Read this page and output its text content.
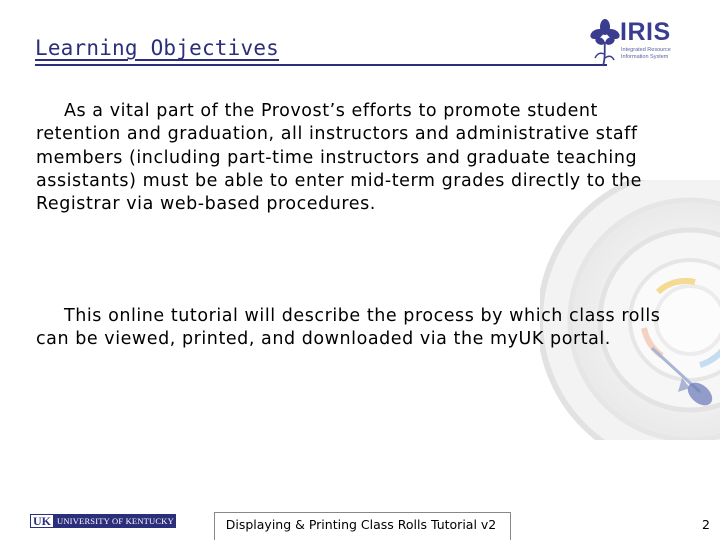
Learning Objectives
IRIS
Integrated Resource Information System
As a vital part of the Provost’s efforts to promote student retention and graduation, all instructors and administrative staff members (including part-time instructors and graduate teaching assistants) must be able to enter mid-term grades directly to the Registrar via web-based procedures.
This online tutorial will describe the process by which class rolls can be viewed, printed, and downloaded via the myUK portal.
UK UNIVERSITY OF KENTUCKY	Displaying & Printing Class Rolls Tutorial v2	2
